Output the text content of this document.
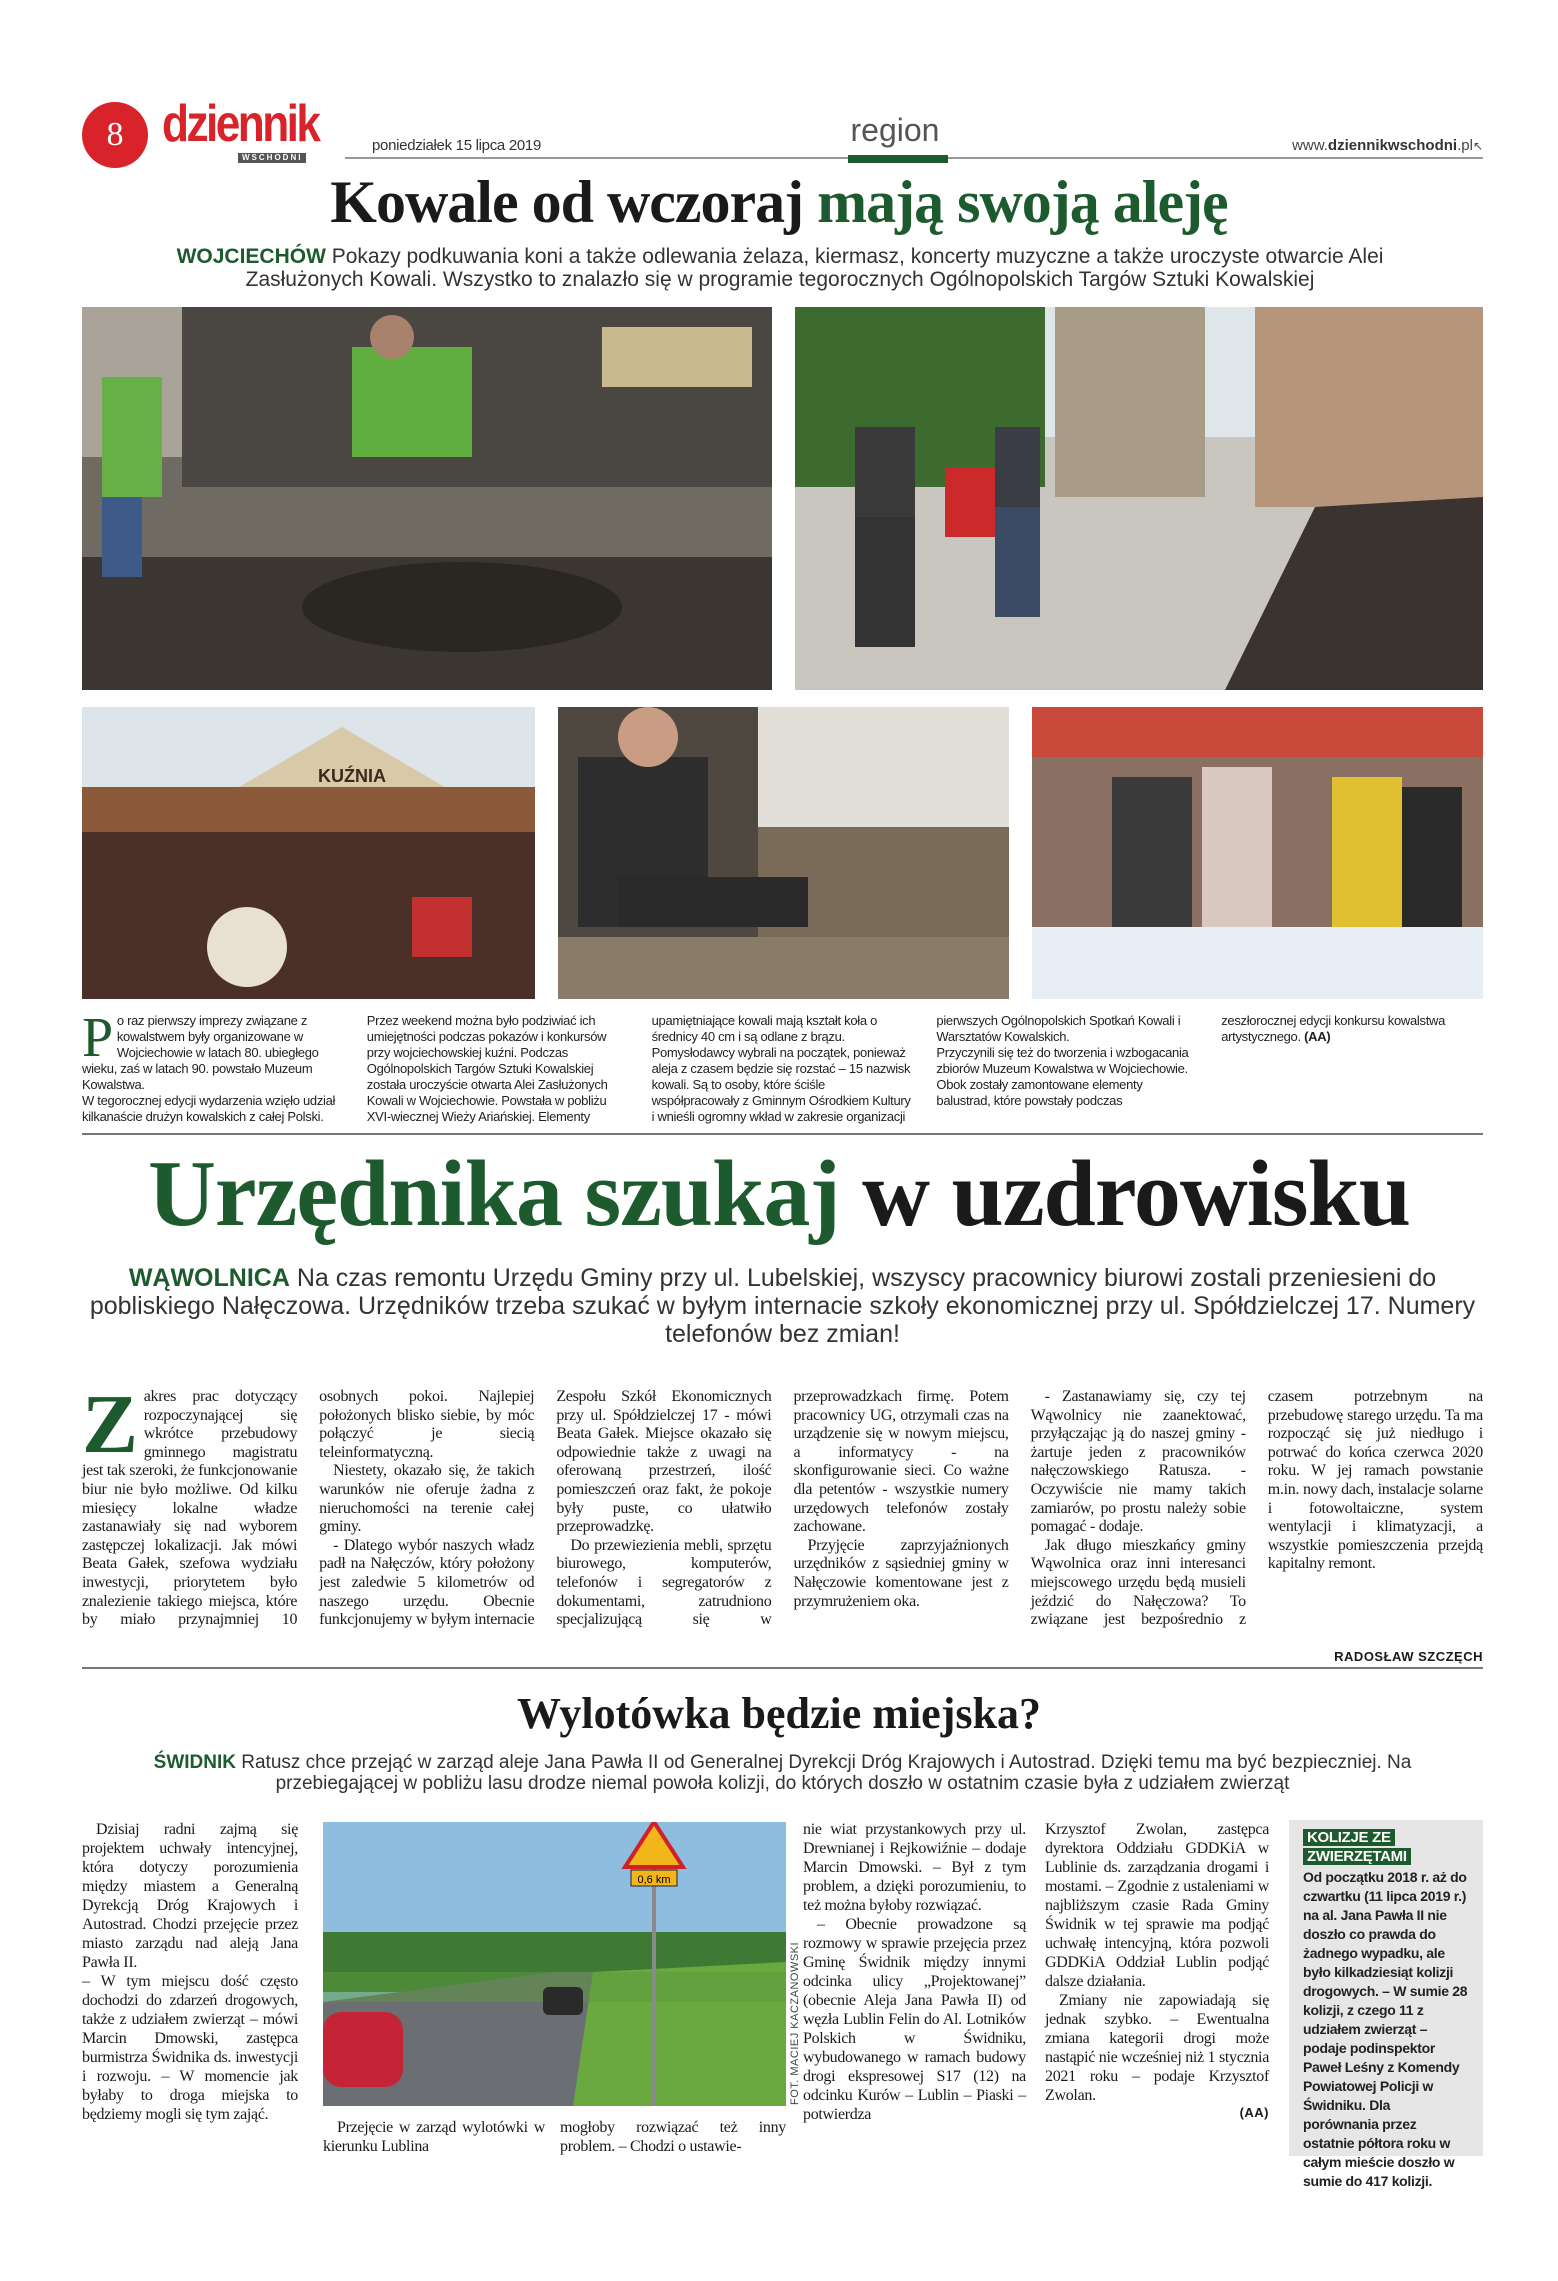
8 dziennik
WSCHODNI
poniedziałek 15 lipca 2019	region	www.dziennikwschodni.pl↖
Kowale od wczoraj mają swoją aleję
WOJCIECHÓW Pokazy podkuwania koni a także odlewania żelaza, kiermasz, koncerty muzyczne a także uroczyste otwarcie Alei Zasłużonych Kowali. Wszystko to znalazło się w programie tegorocznych Ogólnopolskich Targów Sztuki Kowalskiej
KUŹNIA

Po raz pierwszy imprezy związane z kowalstwem były organizowane w Wojciechowie w latach 80. ubiegłego wieku, zaś w latach 90. powstało Muzeum Kowalstwa.

W tegorocznej edycji wydarzenia wzięło udział kilkanaście drużyn kowalskich z całej Polski. Przez weekend można było podziwiać ich umiejętności podczas pokazów i konkursów przy wojciechowskiej kuźni. Podczas Ogólnopolskich Targów Sztuki Kowalskiej została uroczyście otwarta Alei Zasłużonych Kowali w Wojciechowie. Powstała w pobliżu XVI-wiecznej Wieży Ariańskiej. Elementy upamiętniające kowali mają kształt koła o średnicy 40 cm i są odlane z brązu. Pomysłodawcy wybrali na początek, ponieważ aleja z czasem będzie się rozstać – 15 nazwisk kowali. Są to osoby, które ściśle współpracowały z Gminnym Ośrodkiem Kultury i wnieśli ogromny wkład w zakresie organizacji pierwszych Ogólnopolskich Spotkań Kowali i Warsztatów Kowalskich.

Przyczynili się też do tworzenia i wzbogacania zbiorów Muzeum Kowalstwa w Wojciechowie. Obok zostały zamontowane elementy balustrad, które powstały podczas zeszłorocznej edycji konkursu kowalstwa artystycznego. (AA)

Urzędnika szukaj w uzdrowisku
WĄWOLNICA Na czas remontu Urzędu Gminy przy ul. Lubelskiej, wszyscy pracownicy biurowi zostali przeniesieni do pobliskiego Nałęczowa. Urzędników trzeba szukać w byłym internacie szkoły ekonomicznej przy ul. Spółdzielczej 17. Numery telefonów bez zmian!

Zakres prac dotyczący rozpoczynającej się wkrótce przebudowy gminnego magistratu jest tak szeroki, że funkcjonowanie biur nie było możliwe. Od kilku miesięcy lokalne władze zastanawiały się nad wyborem zastępczej lokalizacji. Jak mówi Beata Gałek, szefowa wydziału inwestycji, priorytetem było znalezienie takiego miejsca, które by miało przynajmniej 10 osobnych pokoi. Najlepiej położonych blisko siebie, by móc połączyć je siecią teleinformatyczną.

Niestety, okazało się, że takich warunków nie oferuje żadna z nieruchomości na terenie całej gminy.

- Dlatego wybór naszych władz padł na Nałęczów, który położony jest zaledwie 5 kilometrów od naszego urzędu. Obecnie funkcjonujemy w byłym internacie Zespołu Szkół Ekonomicznych przy ul. Spółdzielczej 17 - mówi Beata Gałek. Miejsce okazało się odpowiednie także z uwagi na oferowaną przestrzeń, ilość pomieszczeń oraz fakt, że pokoje były puste, co ułatwiło przeprowadzkę.

Do przewiezienia mebli, sprzętu biurowego, komputerów, telefonów i segregatorów z dokumentami, zatrudniono specjalizującą się w przeprowadzkach firmę. Potem pracownicy UG, otrzymali czas na urządzenie się w nowym miejscu, a informatycy - na skonfigurowanie sieci. Co ważne dla petentów - wszystkie numery urzędowych telefonów zostały zachowane.

Przyjęcie zaprzyjaźnionych urzędników z sąsiedniej gminy w Nałęczowie komentowane jest z przymrużeniem oka.

- Zastanawiamy się, czy tej Wąwolnicy nie zaanektować, przyłączając ją do naszej gminy - żartuje jeden z pracowników nałęczowskiego Ratusza. - Oczywiście nie mamy takich zamiarów, po prostu należy sobie pomagać - dodaje.

Jak długo mieszkańcy gminy Wąwolnica oraz inni interesanci miejscowego urzędu będą musieli jeździć do Nałęczowa? To związane jest bezpośrednio z czasem potrzebnym na przebudowę starego urzędu. Ta ma rozpocząć się już niedługo i potrwać do końca czerwca 2020 roku. W jej ramach powstanie m.in. nowy dach, instalacje solarne i fotowoltaiczne, system wentylacji i klimatyzacji, a wszystkie pomieszczenia przejdą kapitalny remont.

RADOSŁAW SZCZĘCH
Wylotówka będzie miejska?
ŚWIDNIK Ratusz chce przejąć w zarząd aleje Jana Pawła II od Generalnej Dyrekcji Dróg Krajowych i Autostrad. Dzięki temu ma być bezpieczniej. Na przebiegającej w pobliżu lasu drodze niemal powoła kolizji, do których doszło w ostatnim czasie była z udziałem zwierząt

Dzisiaj radni zajmą się projektem uchwały intencyjnej, która dotyczy porozumienia między miastem a Generalną Dyrekcją Dróg Krajowych i Autostrad. Chodzi przejęcie przez miasto zarządu nad aleją Jana Pawła II.

– W tym miejscu dość często dochodzi do zdarzeń drogowych, także z udziałem zwierząt – mówi Marcin Dmowski, zastępca burmistrza Świdnika ds. inwestycji i rozwoju. – W momencie jak byłaby to droga miejska to będziemy mogli się tym zająć.

0,6 km
FOT. MACIEJ KACZANOWSKI

Przejęcie w zarząd wylotówki w kierunku Lublina

mogłoby rozwiązać też inny problem. – Chodzi o ustawie-

nie wiat przystankowych przy ul. Drewnianej i Rejkowiźnie – dodaje Marcin Dmowski. – Był z tym problem, a dzięki porozumieniu, to też można byłoby rozwiązać.

– Obecnie prowadzone są rozmowy w sprawie przejęcia przez Gminę Świdnik między innymi odcinka ulicy „Projektowanej” (obecnie Aleja Jana Pawła II) od węzła Lublin Felin do Al. Lotników Polskich w Świdniku, wybudowanego w ramach budowy drogi ekspresowej S17 (12) na odcinku Kurów – Lublin – Piaski – potwierdza

Krzysztof Zwolan, zastępca dyrektora Oddziału GDDKiA w Lublinie ds. zarządzania drogami i mostami. – Zgodnie z ustaleniami w najbliższym czasie Rada Gminy Świdnik w tej sprawie ma podjąć uchwałę intencyjną, która pozwoli GDDKiA Oddział Lublin podjąć dalsze działania.

Zmiany nie zapowiadają się jednak szybko. – Ewentualna zmiana kategorii drogi może nastąpić nie wcześniej niż 1 stycznia 2021 roku – podaje Krzysztof Zwolan.

(AA)
KOLIZJE ZE ZWIERZĘTAMI
Od początku 2018 r. aż do czwartku (11 lipca 2019 r.) na al. Jana Pawła II nie doszło co prawda do żadnego wypadku, ale było kilkadziesiąt kolizji drogowych. – W sumie 28 kolizji, z czego 11 z udziałem zwierząt – podaje podinspektor Paweł Leśny z Komendy Powiatowej Policji w Świdniku. Dla porównania przez ostatnie półtora roku w całym mieście doszło w sumie do 417 kolizji.
